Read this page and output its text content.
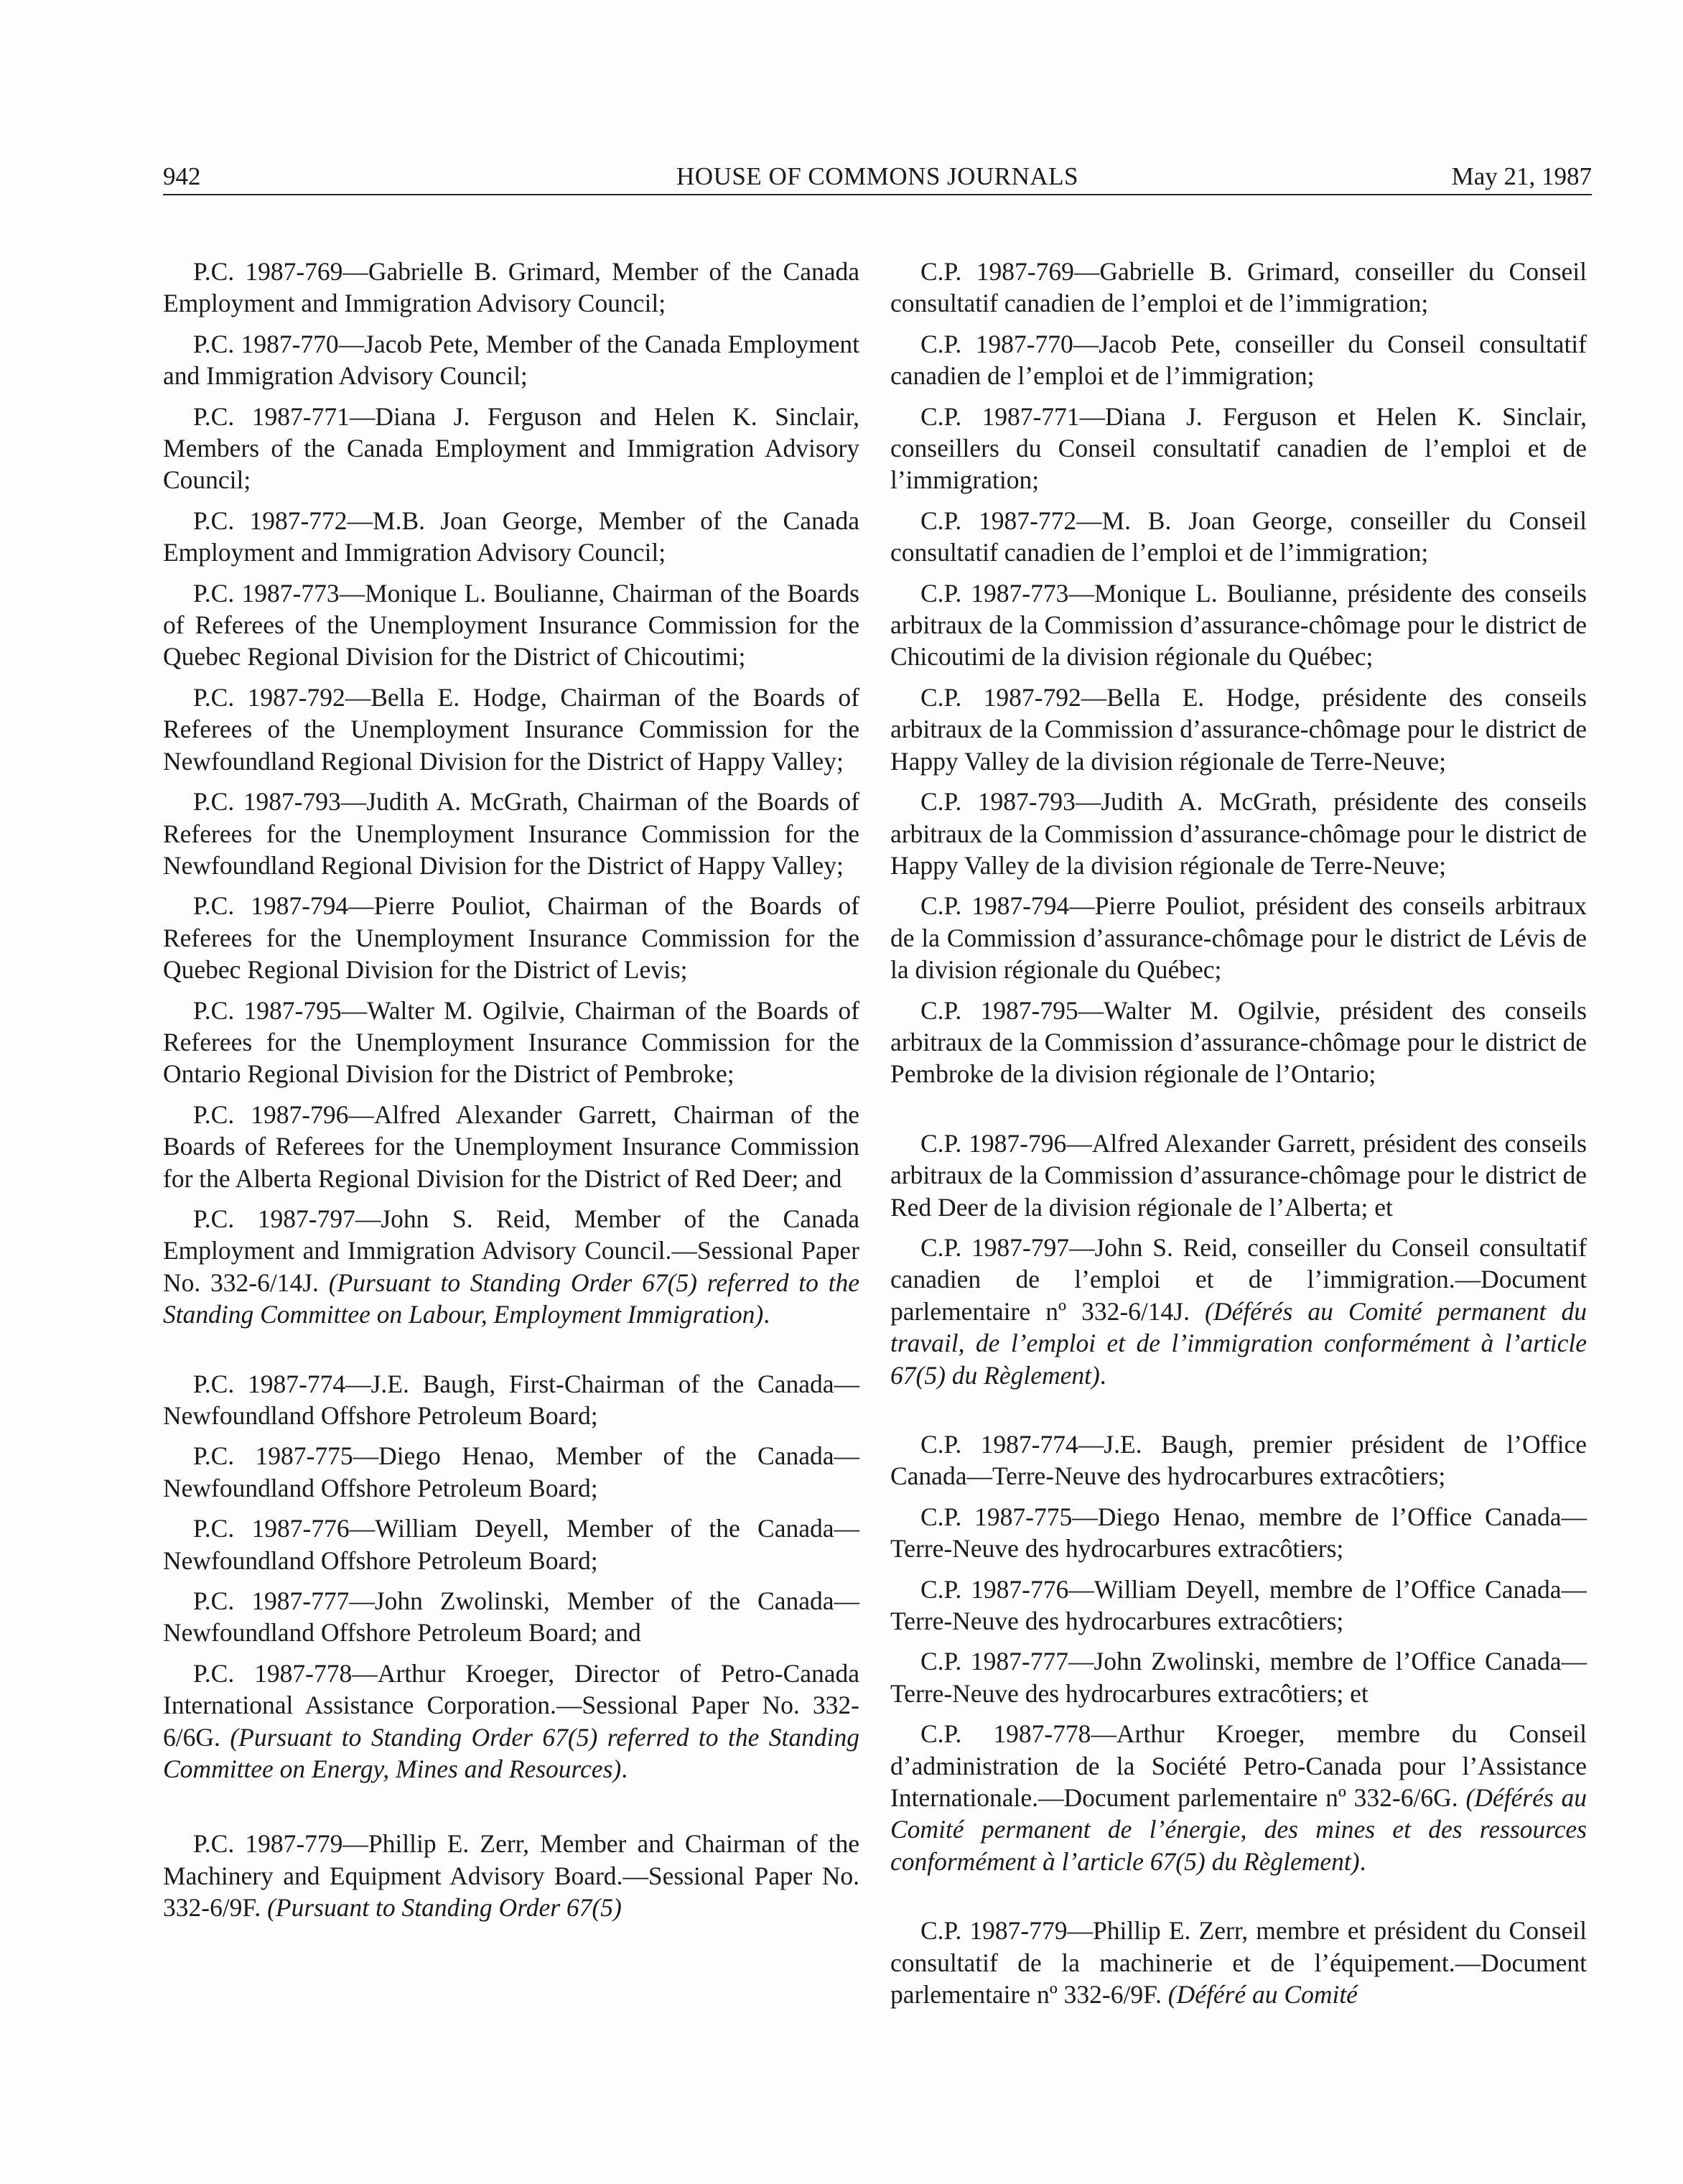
942	HOUSE OF COMMONS JOURNALS	May 21, 1987

P.C. 1987-769—Gabrielle B. Grimard, Member of the Canada Employment and Immigration Advisory Council;

P.C. 1987-770—Jacob Pete, Member of the Canada Employment and Immigration Advisory Council;

P.C. 1987-771—Diana J. Ferguson and Helen K. Sinclair, Members of the Canada Employment and Immigration Advisory Council;

P.C. 1987-772—M.B. Joan George, Member of the Canada Employment and Immigration Advisory Council;

P.C. 1987-773—Monique L. Boulianne, Chairman of the Boards of Referees of the Unemployment Insurance Commission for the Quebec Regional Division for the District of Chicoutimi;

P.C. 1987-792—Bella E. Hodge, Chairman of the Boards of Referees of the Unemployment Insurance Commission for the Newfoundland Regional Division for the District of Happy Valley;

P.C. 1987-793—Judith A. McGrath, Chairman of the Boards of Referees for the Unemployment Insurance Commission for the Newfoundland Regional Division for the District of Happy Valley;

P.C. 1987-794—Pierre Pouliot, Chairman of the Boards of Referees for the Unemployment Insurance Commission for the Quebec Regional Division for the District of Levis;

P.C. 1987-795—Walter M. Ogilvie, Chairman of the Boards of Referees for the Unemployment Insurance Commission for the Ontario Regional Division for the District of Pembroke;

P.C. 1987-796—Alfred Alexander Garrett, Chairman of the Boards of Referees for the Unemployment Insurance Commission for the Alberta Regional Division for the District of Red Deer; and

P.C. 1987-797—John S. Reid, Member of the Canada Employment and Immigration Advisory Council.—Sessional Paper No. 332-6/14J. (Pursuant to Standing Order 67(5) referred to the Standing Committee on Labour, Employment Immigration).

P.C. 1987-774—J.E. Baugh, First-Chairman of the Canada—Newfoundland Offshore Petroleum Board;

P.C. 1987-775—Diego Henao, Member of the Canada—Newfoundland Offshore Petroleum Board;

P.C. 1987-776—William Deyell, Member of the Canada—Newfoundland Offshore Petroleum Board;

P.C. 1987-777—John Zwolinski, Member of the Canada—Newfoundland Offshore Petroleum Board; and

P.C. 1987-778—Arthur Kroeger, Director of Petro-Canada International Assistance Corporation.—Sessional Paper No. 332-6/6G. (Pursuant to Standing Order 67(5) referred to the Standing Committee on Energy, Mines and Resources).

P.C. 1987-779—Phillip E. Zerr, Member and Chairman of the Machinery and Equipment Advisory Board.—Sessional Paper No. 332-6/9F. (Pursuant to Standing Order 67(5)

C.P. 1987-769—Gabrielle B. Grimard, conseiller du Conseil consultatif canadien de l’emploi et de l’immigration;

C.P. 1987-770—Jacob Pete, conseiller du Conseil consultatif canadien de l’emploi et de l’immigration;

C.P. 1987-771—Diana J. Ferguson et Helen K. Sinclair, conseillers du Conseil consultatif canadien de l’emploi et de l’immigration;

C.P. 1987-772—M. B. Joan George, conseiller du Conseil consultatif canadien de l’emploi et de l’immigration;

C.P. 1987-773—Monique L. Boulianne, présidente des conseils arbitraux de la Commission d’assurance-chômage pour le district de Chicoutimi de la division régionale du Québec;

C.P. 1987-792—Bella E. Hodge, présidente des conseils arbitraux de la Commission d’assurance-chômage pour le district de Happy Valley de la division régionale de Terre-Neuve;

C.P. 1987-793—Judith A. McGrath, présidente des conseils arbitraux de la Commission d’assurance-chômage pour le district de Happy Valley de la division régionale de Terre-Neuve;

C.P. 1987-794—Pierre Pouliot, président des conseils arbitraux de la Commission d’assurance-chômage pour le district de Lévis de la division régionale du Québec;

C.P. 1987-795—Walter M. Ogilvie, président des conseils arbitraux de la Commission d’assurance-chômage pour le district de Pembroke de la division régionale de l’Ontario;

C.P. 1987-796—Alfred Alexander Garrett, président des conseils arbitraux de la Commission d’assurance-chômage pour le district de Red Deer de la division régionale de l’Alberta; et

C.P. 1987-797—John S. Reid, conseiller du Conseil consultatif canadien de l’emploi et de l’immigration.—Document parlementaire nº 332-6/14J. (Déférés au Comité permanent du travail, de l’emploi et de l’immigration conformément à l’article 67(5) du Règlement).

C.P. 1987-774—J.E. Baugh, premier président de l’Office Canada—Terre-Neuve des hydrocarbures extracôtiers;

C.P. 1987-775—Diego Henao, membre de l’Office Canada—Terre-Neuve des hydrocarbures extracôtiers;

C.P. 1987-776—William Deyell, membre de l’Office Canada—Terre-Neuve des hydrocarbures extracôtiers;

C.P. 1987-777—John Zwolinski, membre de l’Office Canada—Terre-Neuve des hydrocarbures extracôtiers; et

C.P. 1987-778—Arthur Kroeger, membre du Conseil d’administration de la Société Petro-Canada pour l’Assistance Internationale.—Document parlementaire nº 332-6/6G. (Déférés au Comité permanent de l’énergie, des mines et des ressources conformément à l’article 67(5) du Règlement).

C.P. 1987-779—Phillip E. Zerr, membre et président du Conseil consultatif de la machinerie et de l’équipement.—Document parlementaire nº 332-6/9F. (Déféré au Comité
